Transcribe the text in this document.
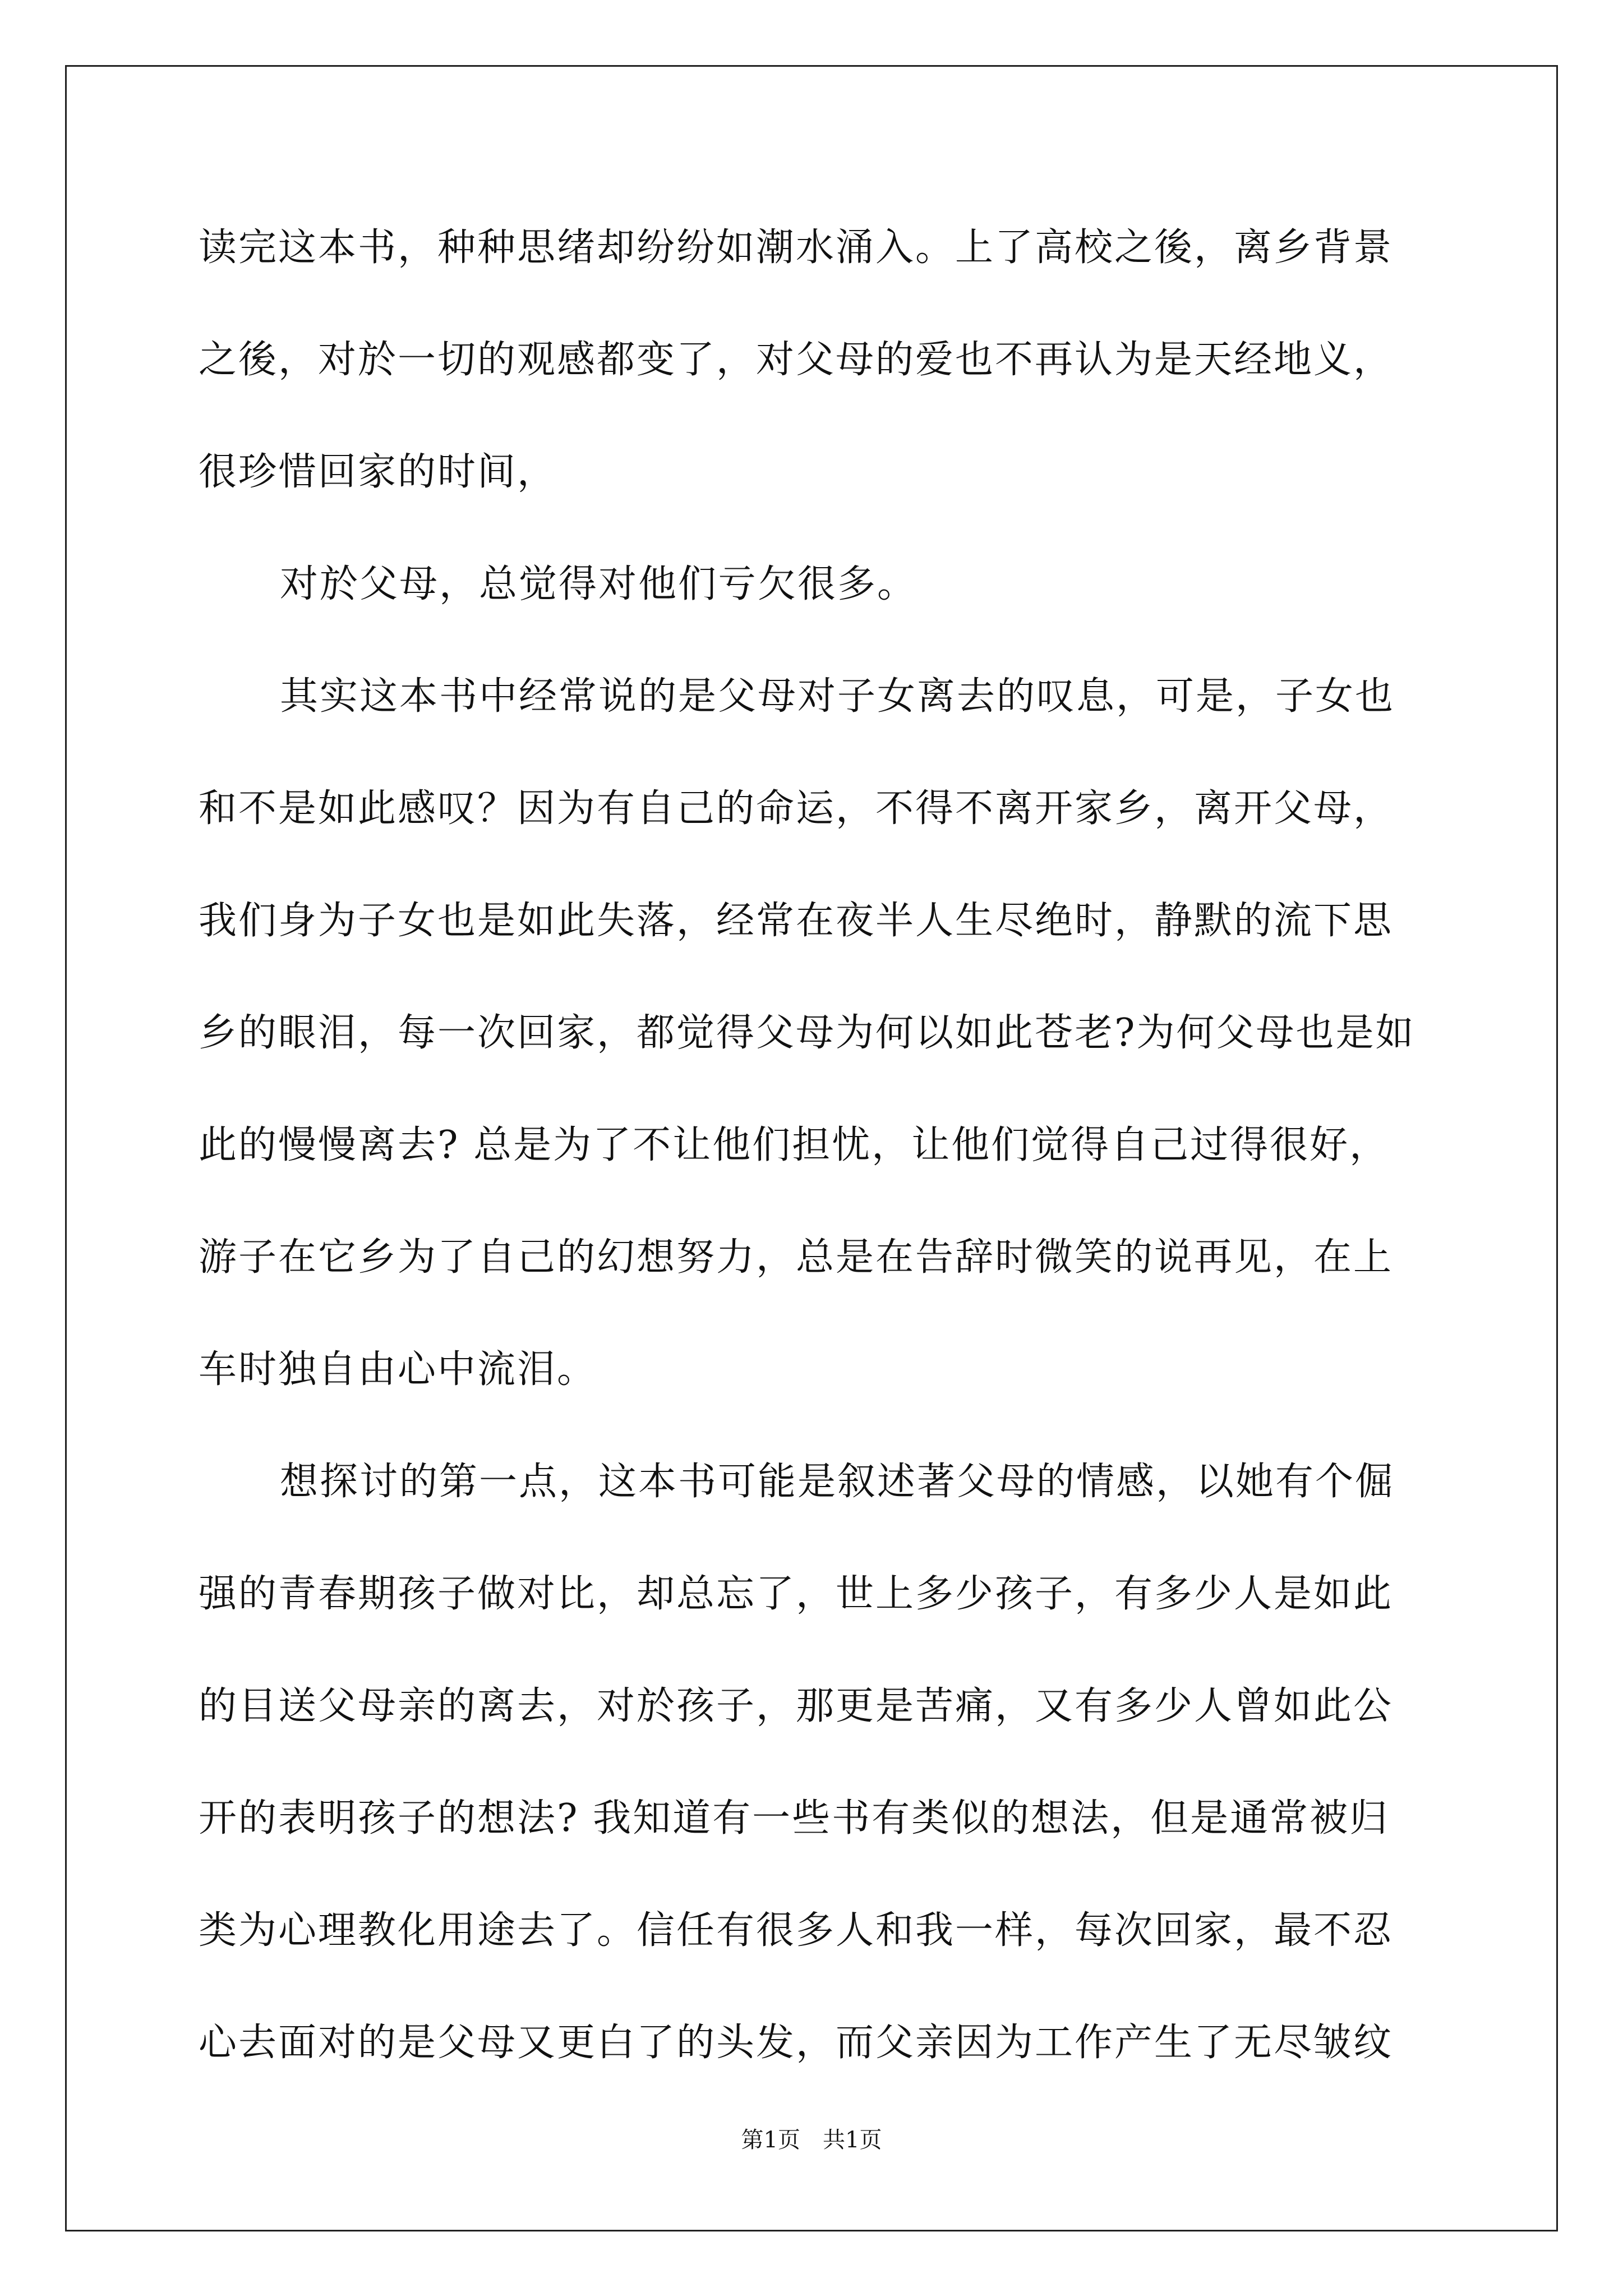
读完这本书，种种思绪却纷纷如潮水涌入。上了高校之後，离乡背景
之後，对於一切的观感都变了，对父母的爱也不再认为是天经地义，
很珍惜回家的时间，
对於父母，总觉得对他们亏欠很多。
其实这本书中经常说的是父母对子女离去的叹息，可是，子女也
和不是如此感叹？因为有自己的命运，不得不离开家乡，离开父母，
我们身为子女也是如此失落，经常在夜半人生尽绝时，静默的流下思
乡的眼泪，每一次回家，都觉得父母为何以如此苍老?为何父母也是如
此的慢慢离去? 总是为了不让他们担忧，让他们觉得自己过得很好，
游子在它乡为了自己的幻想努力，总是在告辞时微笑的说再见，在上
车时独自由心中流泪。
想探讨的第一点，这本书可能是叙述著父母的情感，以她有个倔
强的青春期孩子做对比，却总忘了，世上多少孩子，有多少人是如此
的目送父母亲的离去，对於孩子，那更是苦痛，又有多少人曾如此公
开的表明孩子的想法? 我知道有一些书有类似的想法，但是通常被归
类为心理教化用途去了。信任有很多人和我一样，每次回家，最不忍
心去面对的是父母又更白了的头发，而父亲因为工作产生了无尽皱纹
第1页 共1页
